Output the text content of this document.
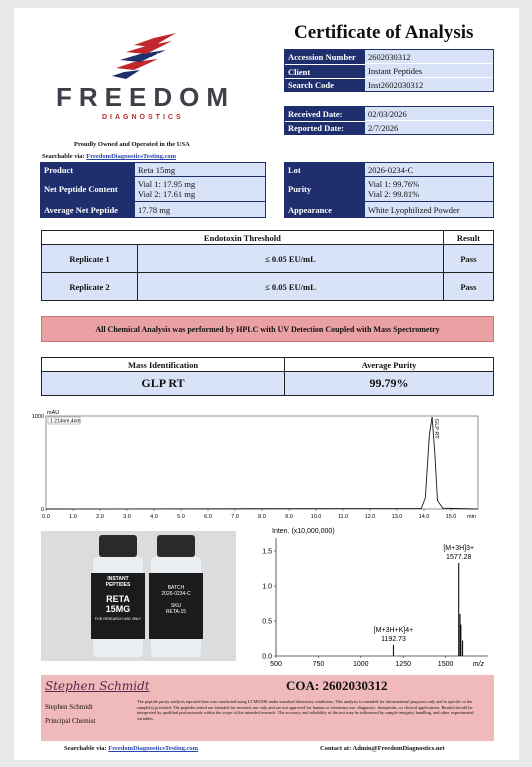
FREEDOM
DIAGNOSTICS
Proudly Owned and Operated in the USA
Searchable via: FreedomDiagnosticsTesting.com
Certificate of Analysis
Accession Number	2602030312
Client	Instant Peptides
Search Code	Inst2602030312
Received Date:	02/03/2026
Reported Date:	2/7/2026
Product	Reta 15mg
Net Peptide Content	Vial 1: 17.95 mg
Vial 2: 17.61 mg
Average Net Peptide	17.78 mg
Lot	2026-0234-C
Purity	Vial 1: 99.76%
Vial 2: 99.81%
Appearance	White Lyophilized Powder
Endotoxin Threshold		Result
Replicate 1	≤ 0.05 EU/mL	Pass
Replicate 2	≤ 0.05 EU/mL	Pass
All Chemical Analysis was performed by HPLC with UV Detection Coupled with Mass Spectrometry
Mass Identification	Average Purity
GLP RT	99.79%
mAU
1 214nm,4nm
1000
0
0.0	1.0	2.0	3.0	4.0	5.0	6.0	7.0	8.0	9.0	10.0	11.0	12.0	13.0	14.0	15.0 min
GLP RT
INSTANT
PEPTIDES
RETA
15MG
FOR RESEARCH USE ONLY
BATCH
2026-0234-C
SKU
RETA-15
Inten. (x10,000,000)
1.5
1.0
0.5
0.0
500	750	1000	1250	1500	m/z
[M+3H+K]4+
1192.73
[M+3H]3+
1577.28
Stephen Schmidt
Stephen Schmidt
Principal Chemist
COA: 2602030312
The peptide purity analysis reported here was conducted using LCMS/MS under standard laboratory conditions. This analysis is intended for informational purposes only and is specific to the sample(s) provided. The peptides tested are intended for research use only and are not approved for human or veterinary use, diagnostic, therapeutic, or clinical applications. Results should be interpreted by qualified professionals within the scope of the intended research. The accuracy and reliability of the test may be influenced by sample integrity, handling, and other experimental variables.
Searchable via: FreedomDiagnosticsTesting.com	Contact at: Admin@FreedomDiagnostics.net
